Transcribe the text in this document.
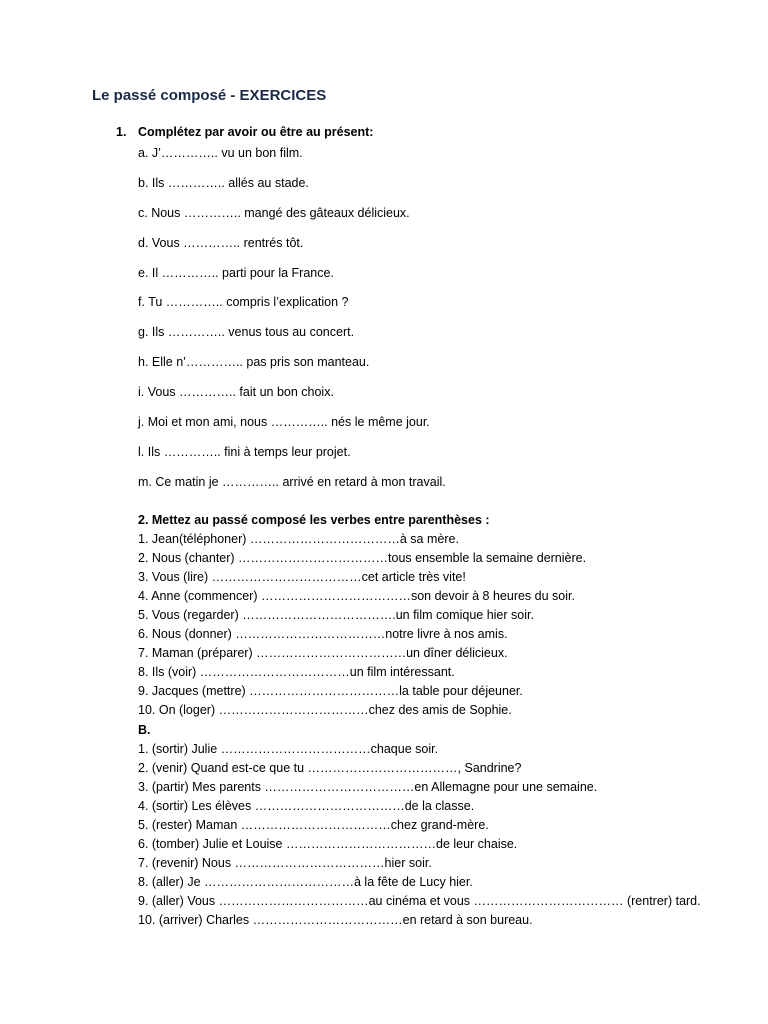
Le passé composé - EXERCICES
1. Complétez par avoir ou être au présent:
a. J’………….. vu un bon film.
b. Ils ………….. allés au stade.
c. Nous ………….. mangé des gâteaux délicieux.
d. Vous ………….. rentrés tôt.
e. Il ………….. parti pour la France.
f. Tu ………….. compris l’explication ?
g. Ils ………….. venus tous au concert.
h. Elle n’………….. pas pris son manteau.
i. Vous ………….. fait un bon choix.
j. Moi et mon ami, nous ………….. nés le même jour.
l. Ils ………….. fini à temps leur projet.
m. Ce matin je ………….. arrivé en retard à mon travail.
2. Mettez au passé composé les verbes entre parenthèses :
1. Jean(téléphoner) ………………………………à sa mère.
2. Nous (chanter) ………………………………tous ensemble la semaine dernière.
3. Vous (lire) ………………………………cet article très vite!
4. Anne (commencer) ………………………………son devoir à 8 heures du soir.
5. Vous (regarder) ……………………………….un film comique hier soir.
6. Nous (donner) ………………………………notre livre à nos amis.
7. Maman (préparer) ………………………………un dîner délicieux.
8. Ils (voir) ………………………………un film intéressant.
9. Jacques (mettre) ………………………………la table pour déjeuner.
10. On (loger) ………………………………chez des amis de Sophie.
B.
1. (sortir) Julie ………………………………chaque soir.
2. (venir) Quand est-ce que tu ………………………………, Sandrine?
3. (partir) Mes parents ………………………………en Allemagne pour une semaine.
4. (sortir) Les élèves ………………………………de la classe.
5. (rester) Maman ………………………………chez grand-mère.
6. (tomber) Julie et Louise ………………………………de leur chaise.
7. (revenir) Nous ………………………………hier soir.
8. (aller) Je ………………………………à la fête de Lucy hier.
9. (aller) Vous ………………………………au cinéma et vous ……………………………… (rentrer) tard.
10. (arriver) Charles ………………………………en retard à son bureau.
